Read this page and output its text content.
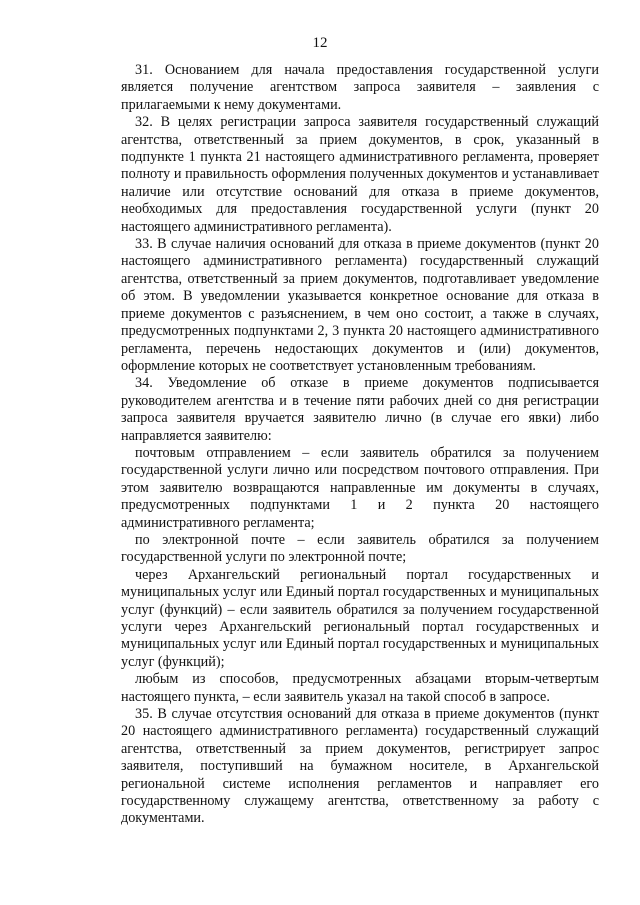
12

31. Основанием для начала предоставления государственной услуги является получение агентством запроса заявителя – заявления с прилагаемыми к нему документами.

32. В целях регистрации запроса заявителя государственный служащий агентства, ответственный за прием документов, в срок, указанный в подпункте 1 пункта 21 настоящего административного регламента, проверяет полноту и правильность оформления полученных документов и устанавливает наличие или отсутствие оснований для отказа в приеме документов, необходимых для предоставления государственной услуги (пункт 20 настоящего административного регламента).

33. В случае наличия оснований для отказа в приеме документов (пункт 20 настоящего административного регламента) государственный служащий агентства, ответственный за прием документов, подготавливает уведомление об этом. В уведомлении указывается конкретное основание для отказа в приеме документов с разъяснением, в чем оно состоит, а также в случаях, предусмотренных подпунктами 2, 3 пункта 20 настоящего административного регламента, перечень недостающих документов и (или) документов, оформление которых не соответствует установленным требованиям.

34. Уведомление об отказе в приеме документов подписывается руководителем агентства и в течение пяти рабочих дней со дня регистрации запроса заявителя вручается заявителю лично (в случае его явки) либо направляется заявителю:

почтовым отправлением – если заявитель обратился за получением государственной услуги лично или посредством почтового отправления. При этом заявителю возвращаются направленные им документы в случаях, предусмотренных подпунктами 1 и 2 пункта 20 настоящего административного регламента;

по электронной почте – если заявитель обратился за получением государственной услуги по электронной почте;

через Архангельский региональный портал государственных и муниципальных услуг или Единый портал государственных и муниципальных услуг (функций) – если заявитель обратился за получением государственной услуги через Архангельский региональный портал государственных и муниципальных услуг или Единый портал государственных и муниципальных услуг (функций);

любым из способов, предусмотренных абзацами вторым-четвертым настоящего пункта, – если заявитель указал на такой способ в запросе.

35. В случае отсутствия оснований для отказа в приеме документов (пункт 20 настоящего административного регламента) государственный служащий агентства, ответственный за прием документов, регистрирует запрос заявителя, поступивший на бумажном носителе, в Архангельской региональной системе исполнения регламентов и направляет его государственному служащему агентства, ответственному за работу с документами.
